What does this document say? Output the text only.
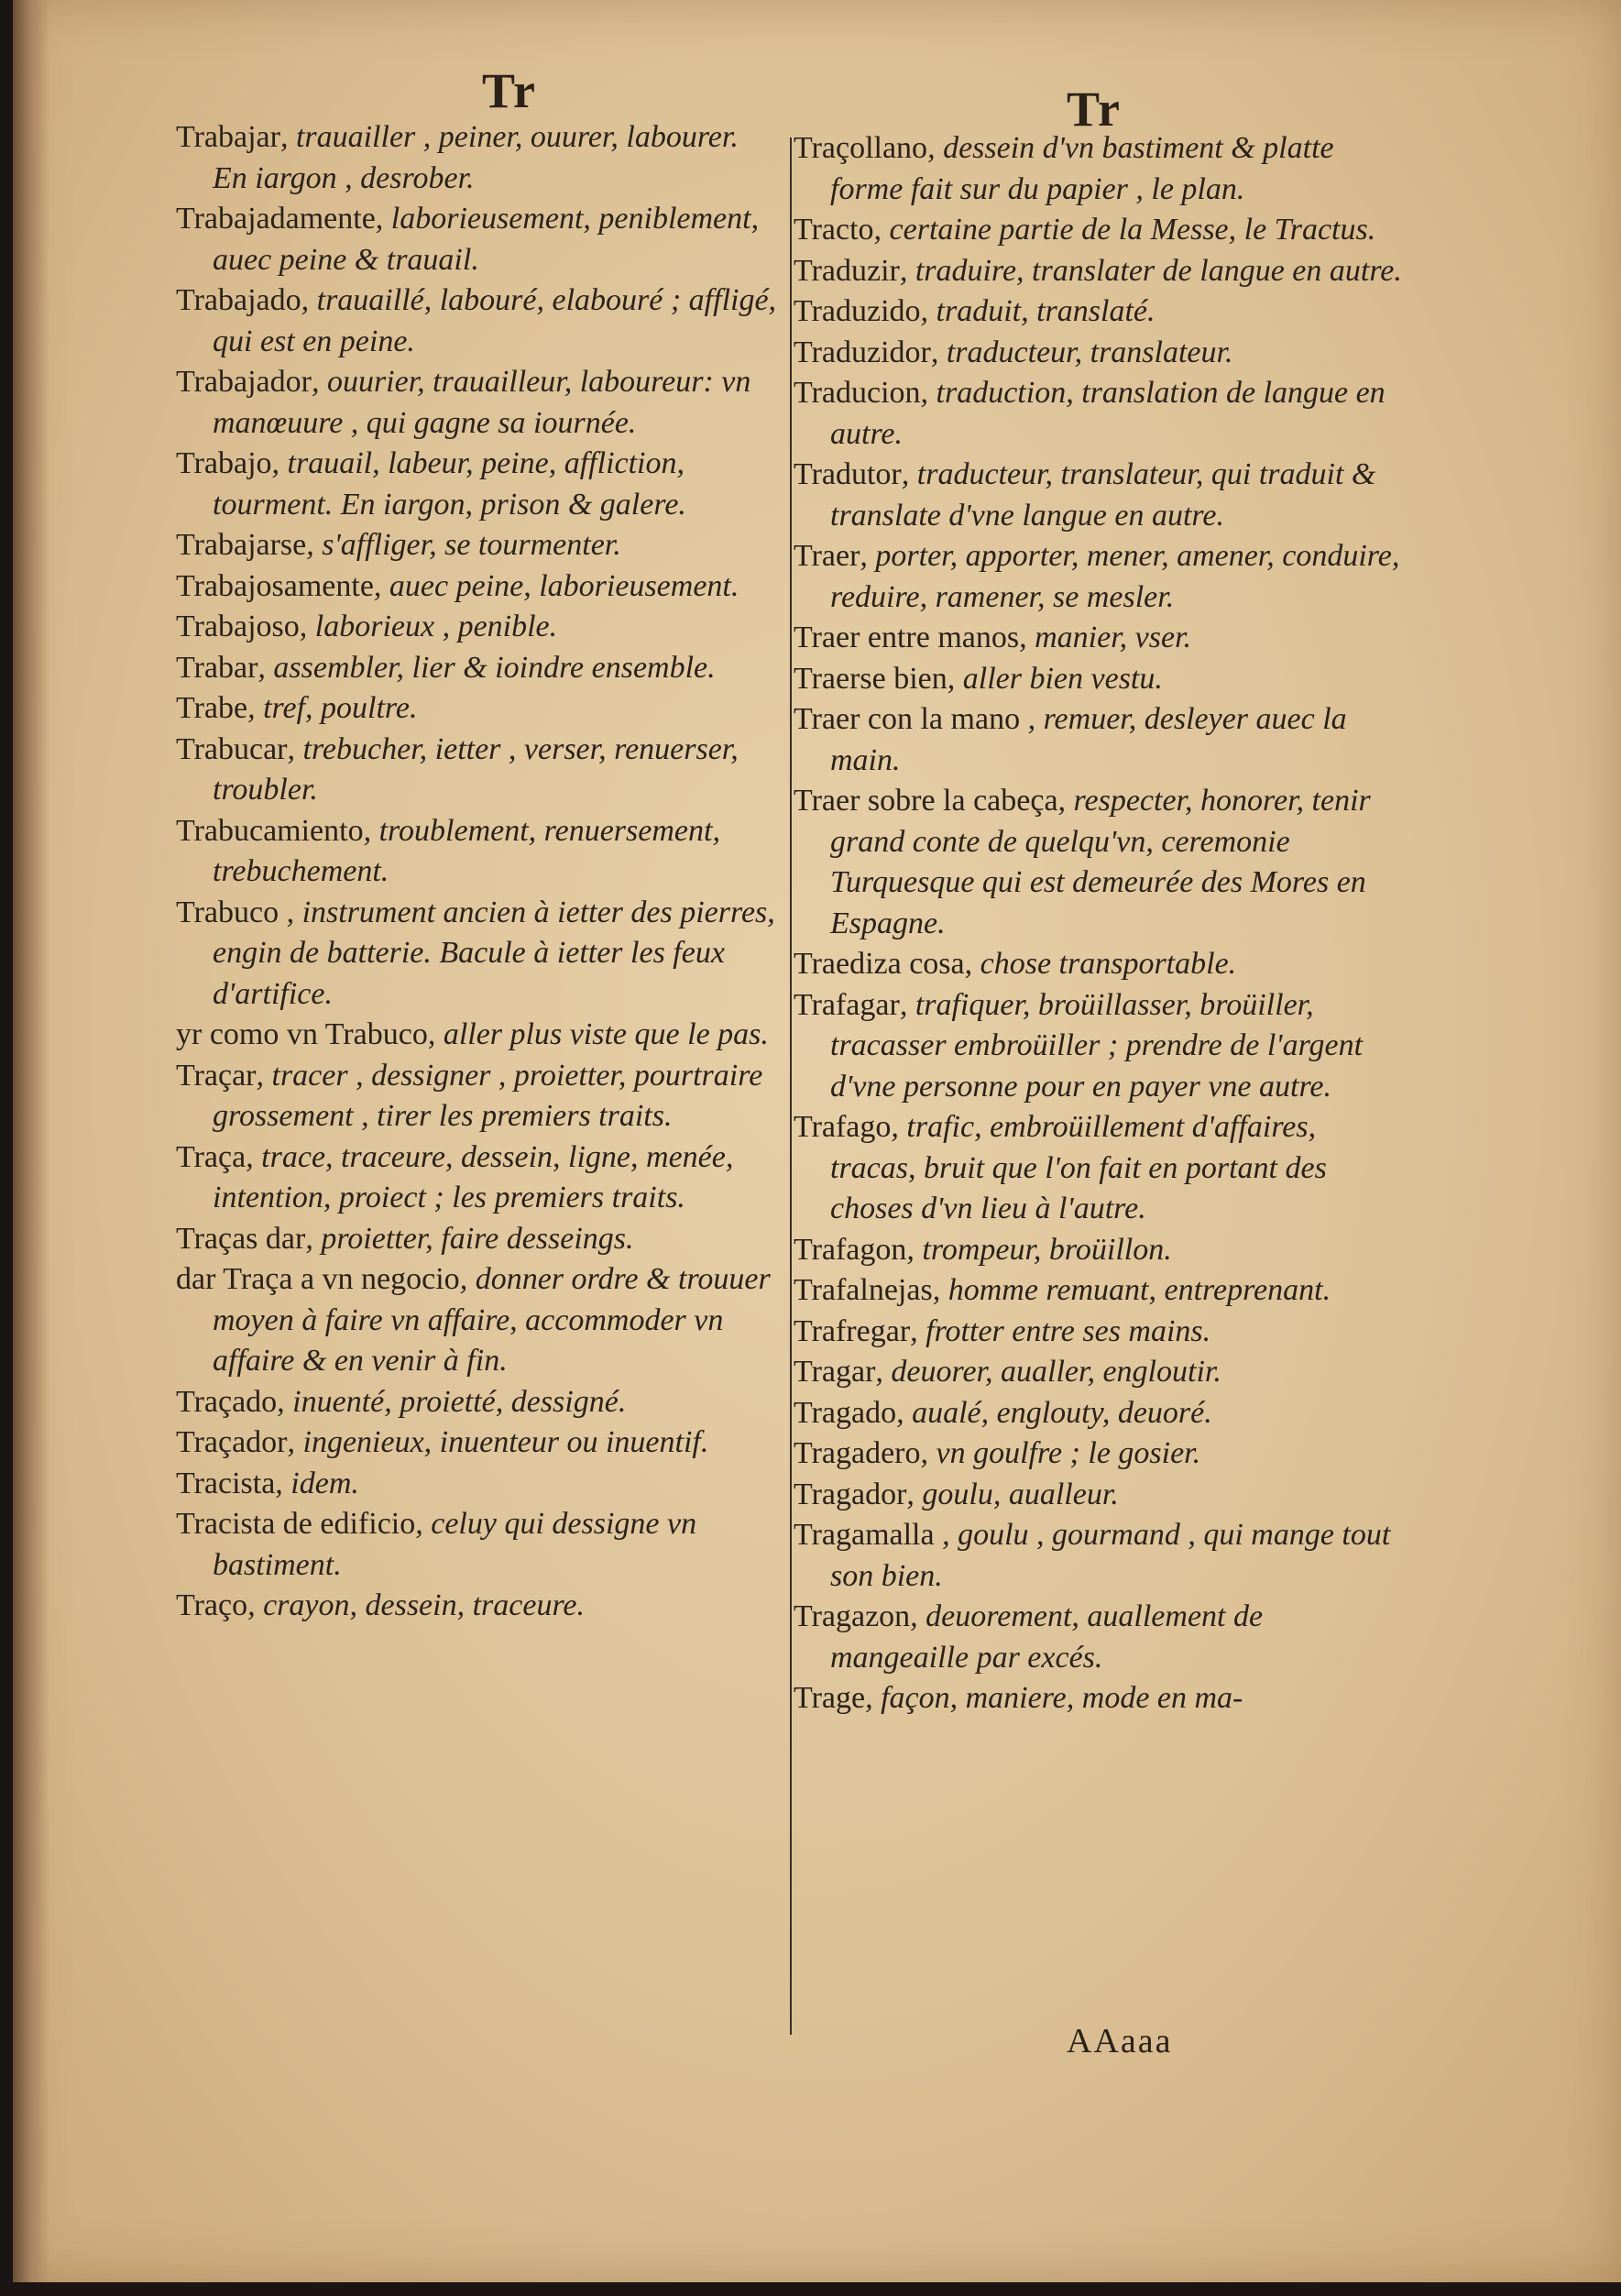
Tr	Tr

Trabajar, trauailler , peiner, ouurer, labourer. En iargon , desrober.

Trabajadamente, laborieusement, peniblement, auec peine & trauail.

Trabajado, trauaillé, labouré, elabouré ; affligé, qui est en peine.

Trabajador, ouurier, trauailleur, laboureur: vn manœuure , qui gagne sa iournée.

Trabajo, trauail, labeur, peine, affliction, tourment. En iargon, prison & galere.

Trabajarse, s'affliger, se tourmenter.

Trabajosamente, auec peine, laborieusement.

Trabajoso, laborieux , penible.

Trabar, assembler, lier & ioindre ensemble.

Trabe, tref, poultre.

Trabucar, trebucher, ietter , verser, renuerser, troubler.

Trabucamiento, troublement, renuersement, trebuchement.

Trabuco , instrument ancien à ietter des pierres, engin de batterie. Bacule à ietter les feux d'artifice.

yr como vn Trabuco, aller plus viste que le pas.

Traçar, tracer , dessigner , proietter, pourtraire grossement , tirer les premiers traits.

Traça, trace, traceure, dessein, ligne, menée, intention, proiect ; les premiers traits.

Traças dar, proietter, faire desseings.

dar Traça a vn negocio, donner ordre & trouuer moyen à faire vn affaire, accommoder vn affaire & en venir à fin.

Traçado, inuenté, proietté, dessigné.

Traçador, ingenieux, inuenteur ou inuentif.

Tracista, idem.

Tracista de edificio, celuy qui dessigne vn bastiment.

Traço, crayon, dessein, traceure.

Traçollano, dessein d'vn bastiment & platte forme fait sur du papier , le plan.

Tracto, certaine partie de la Messe, le Tractus.

Traduzir, traduire, translater de langue en autre.

Traduzido, traduit, translaté.

Traduzidor, traducteur, translateur.

Traducion, traduction, translation de langue en autre.

Tradutor, traducteur, translateur, qui traduit & translate d'vne langue en autre.

Traer, porter, apporter, mener, amener, conduire, reduire, ramener, se mesler.

Traer entre manos, manier, vser.

Traerse bien, aller bien vestu.

Traer con la mano , remuer, desleyer auec la main.

Traer sobre la cabeça, respecter, honorer, tenir grand conte de quelqu'vn, ceremonie Turquesque qui est demeurée des Mores en Espagne.

Traediza cosa, chose transportable.

Trafagar, trafiquer, broüillasser, broüiller, tracasser embroüiller ; prendre de l'argent d'vne personne pour en payer vne autre.

Trafago, trafic, embroüillement d'affaires, tracas, bruit que l'on fait en portant des choses d'vn lieu à l'autre.

Trafagon, trompeur, broüillon.

Trafalnejas, homme remuant, entreprenant.

Trafregar, frotter entre ses mains.

Tragar, deuorer, aualler, engloutir.

Tragado, aualé, englouty, deuoré.

Tragadero, vn goulfre ; le gosier.

Tragador, goulu, aualleur.

Tragamalla , goulu , gourmand , qui mange tout son bien.

Tragazon, deuorement, auallement de mangeaille par excés.

Trage, façon, maniere, mode en ma-

AAaaa
